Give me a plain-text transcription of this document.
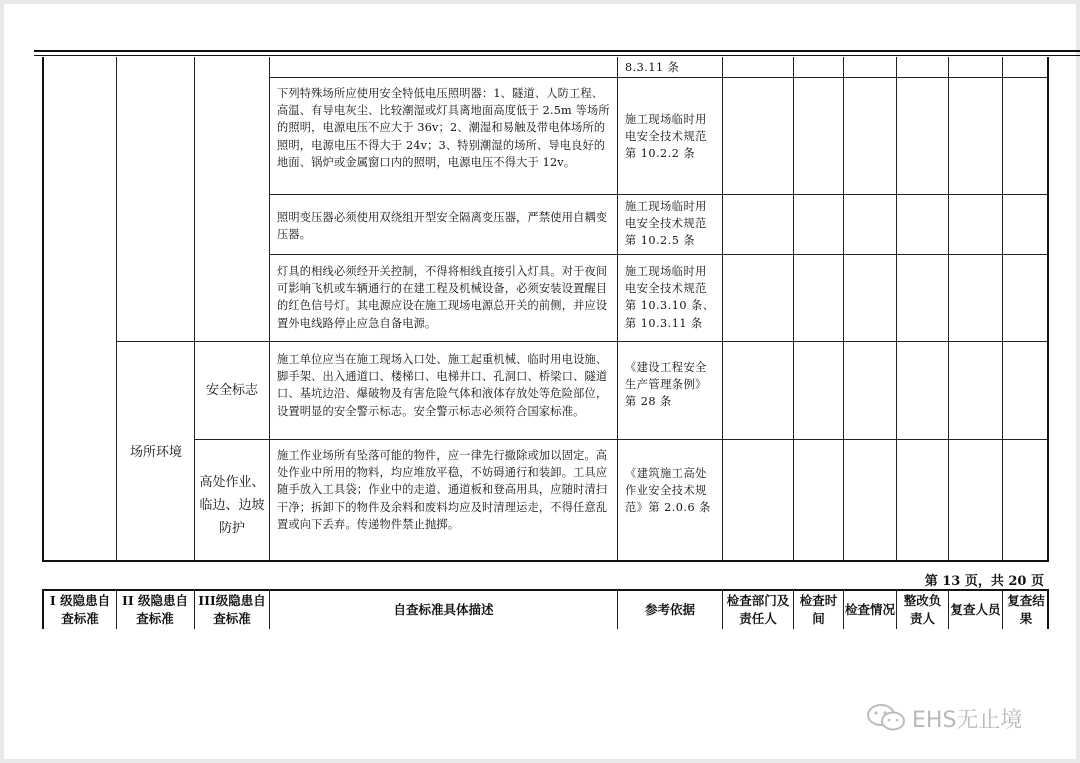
8.3.11 条
下列特殊场所应使用安全特低电压照明器：1、隧道、人防工程、高温、有导电灰尘、比较潮湿或灯具离地面高度低于 2.5m 等场所的照明，电源电压不应大于 36v；2、潮湿和易触及带电体场所的照明，电源电压不得大于 24v；3、特别潮湿的场所、导电良好的地面、锅炉或金属窗口内的照明，电源电压不得大于 12v。
施工现场临时用电安全技术规范第 10.2.2 条
照明变压器必须使用双绕组开型安全隔离变压器，严禁使用自耦变压器。
施工现场临时用电安全技术规范第 10.2.5 条
灯具的相线必须经开关控制，不得将相线直接引入灯具。对于夜间可影响飞机或车辆通行的在建工程及机械设备，必须安装设置醒目的红色信号灯。其电源应设在施工现场电源总开关的前侧，并应设置外电线路停止应急自备电源。
施工现场临时用电安全技术规范第 10.3.10 条、第 10.3.11 条
安全标志
施工单位应当在施工现场入口处、施工起重机械、临时用电设施、脚手架、出入通道口、楼梯口、电梯井口、孔洞口、桥梁口、隧道口、基坑边沿、爆破物及有害危险气体和液体存放处等危险部位，设置明显的安全警示标志。安全警示标志必须符合国家标准。
《建设工程安全生产管理条例》第 28 条
高处作业、临边、边坡防护
施工作业场所有坠落可能的物件，应一律先行撤除或加以固定。高处作业中所用的物料，均应堆放平稳，不妨碍通行和装卸。工具应随手放入工具袋；作业中的走道、通道板和登高用具，应随时清扫干净；拆卸下的物件及余料和废料均应及时清理运走，不得任意乱置或向下丢弃。传递物件禁止抛掷。
《建筑施工高处作业安全技术规范》第 2.0.6 条
场所环境
第 13 页，共 20 页
I 级隐患自查标准
II 级隐患自查标准
III级隐患自查标准
自查标准具体描述	参考依据
检查部门及责任人
检查时间
检查情况
整改负责人
复查人员
复查结果
EHS无止境
